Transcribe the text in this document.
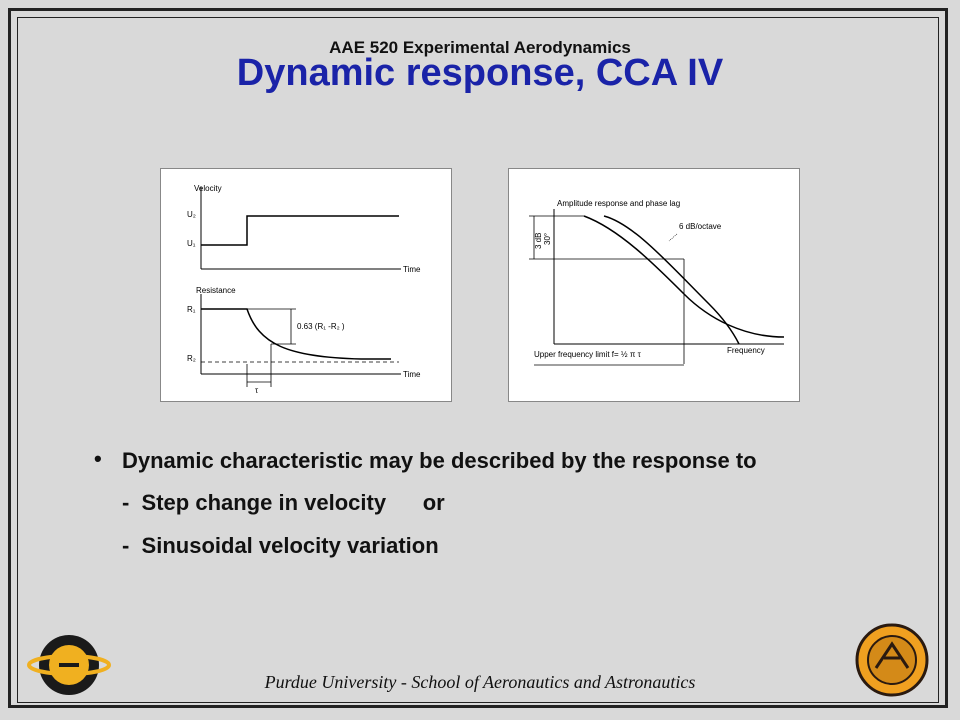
AAE 520 Experimental Aerodynamics
Dynamic response, CCA IV
Velocity
U₂
U₁
Time
Resistance
R₁
R₂
0.63 (R₁ -R₂ )
τ
Time
Amplitude response and phase lag
3 dB 30°
6 dB/octave
Frequency
Upper frequency limit f= ½ π τ
• Dynamic characteristic may be described by the response to
-  Step change in velocity      or
-  Sinusoidal velocity variation
Purdue University - School of Aeronautics and Astronautics
